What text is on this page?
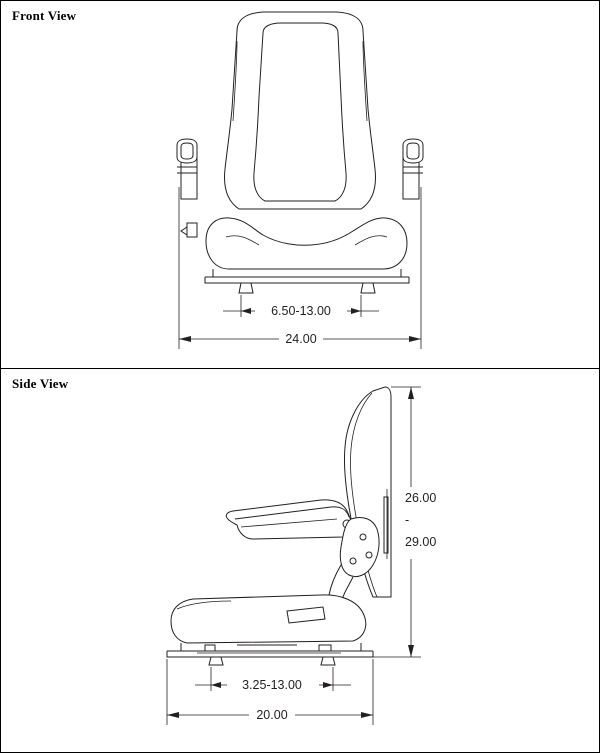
Front View
6.50-13.00
24.00
Side View
26.00
-
29.00
3.25-13.00
20.00
